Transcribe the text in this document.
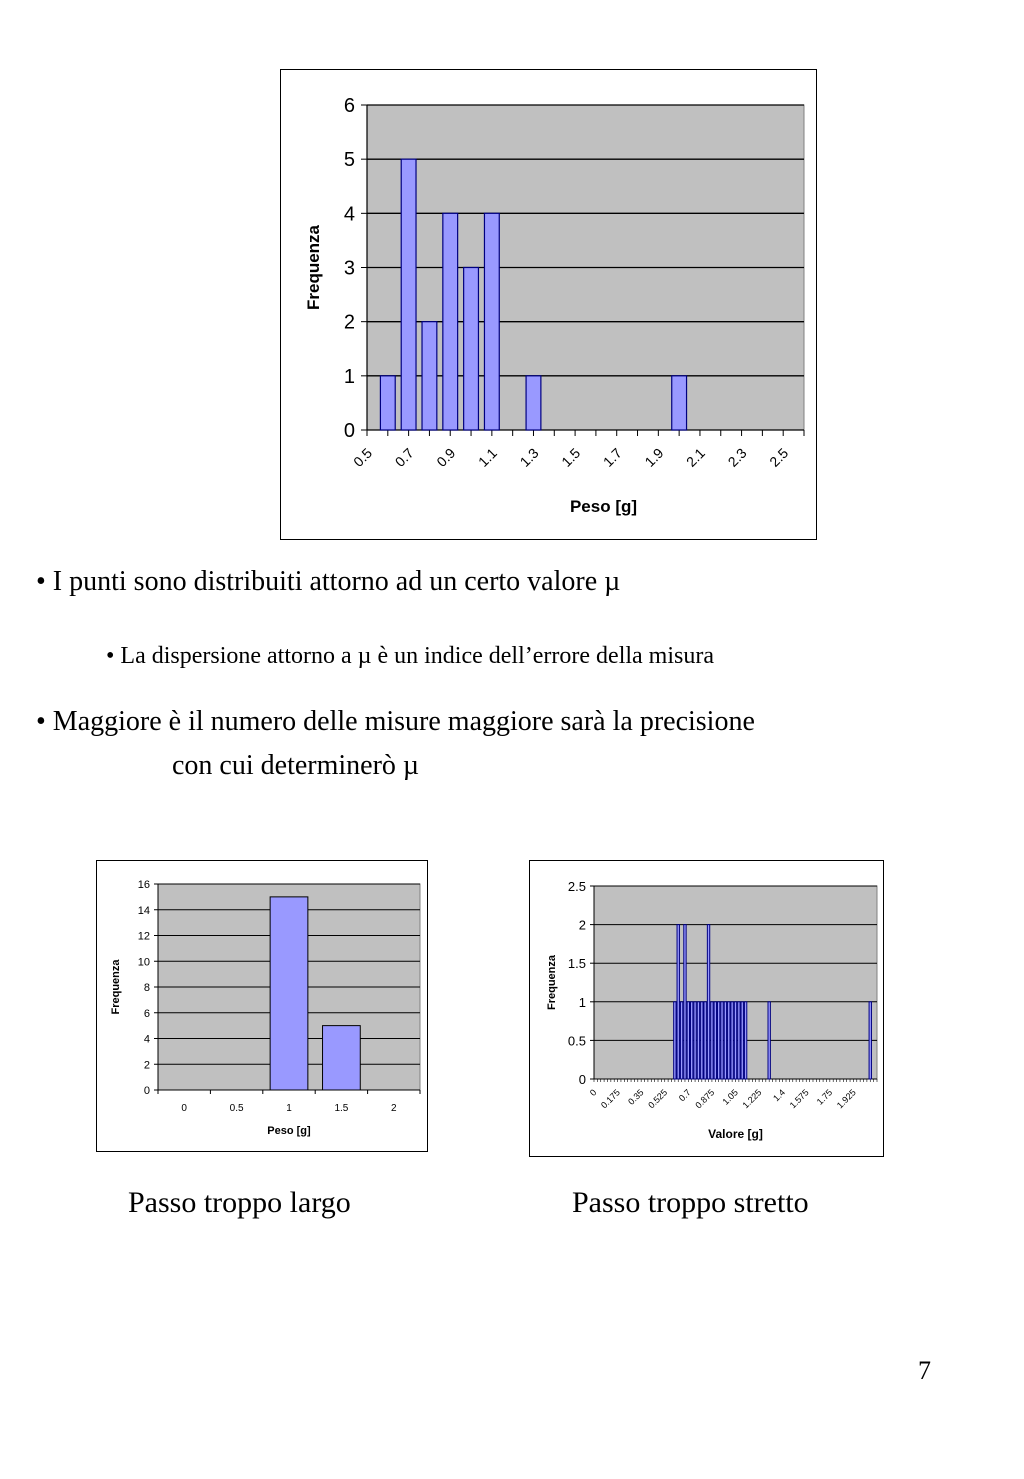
0
1
2
3
4
5
6
0.5 0.7 0.9 1.1 1.3 1.5 1.7 1.9 2.1 2.3 2.5
Peso [g]
Frequenza
• I punti sono distribuiti attorno ad un certo valore µ
• La dispersione attorno a µ è un indice dell’errore della misura
• Maggiore è il numero delle misure maggiore sarà la precisione
con cui determinerò µ
0
2
4
6
8
10
12
14
16
0	0.5	1	1.5	2
Peso [g]
Frequenza
0
0.5
1
1.5
2
2.5
0 0.175 0.35 0.525 0.7 0.875 1.05 1.225 1.4 1.575 1.75 1.925
Valore [g]
Frequenza
Passo troppo largo	Passo troppo stretto
7
